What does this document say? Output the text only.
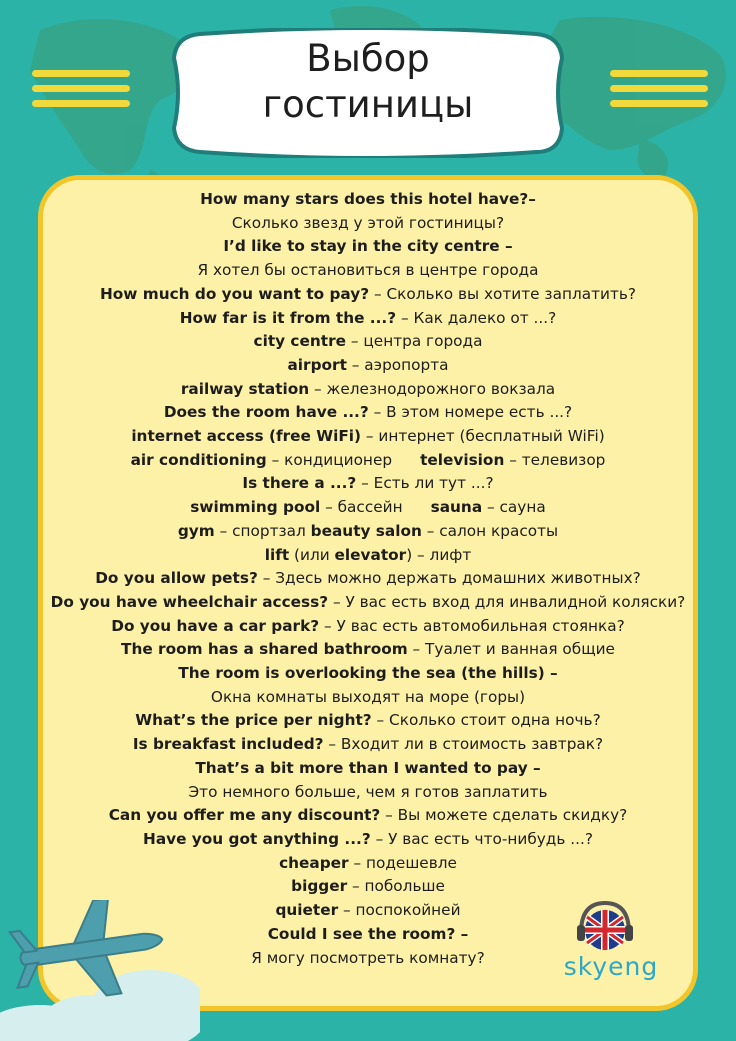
Выбор
гостиницы
How many stars does this hotel have?–
Сколько звезд у этой гостиницы?
I’d like to stay in the city centre –
Я хотел бы остановиться в центре города
How much do you want to pay? – Сколько вы хотите заплатить?
How far is it from the ...? – Как далеко от ...?
city centre – центра города
airport – аэропорта
railway station – железнодорожного вокзала
Does the room have ...? – В этом номере есть ...?
internet access (free WiFi) – интернет (бесплатный WiFi)
air conditioning – кондиционер television – телевизор
Is there a ...? – Есть ли тут ...?
swimming pool – бассейн sauna – сауна
gym – спортзал beauty salon – салон красоты
lift (или elevator) – лифт
Do you allow pets? – Здесь можно держать домашних животных?
Do you have wheelchair access? – У вас есть вход для инвалидной коляски?
Do you have a car park? – У вас есть автомобильная стоянка?
The room has a shared bathroom – Туалет и ванная общие
The room is overlooking the sea (the hills) –
Окна комнаты выходят на море (горы)
What’s the price per night? – Сколько стоит одна ночь?
Is breakfast included? – Входит ли в стоимость завтрак?
That’s a bit more than I wanted to pay –
Это немного больше, чем я готов заплатить
Can you offer me any discount? – Вы можете сделать скидку?
Have you got anything ...? – У вас есть что-нибудь ...?
cheaper – подешевле
bigger – побольше
quieter – поспокойней
Could I see the room? –
Я могу посмотреть комнату?	skyeng
